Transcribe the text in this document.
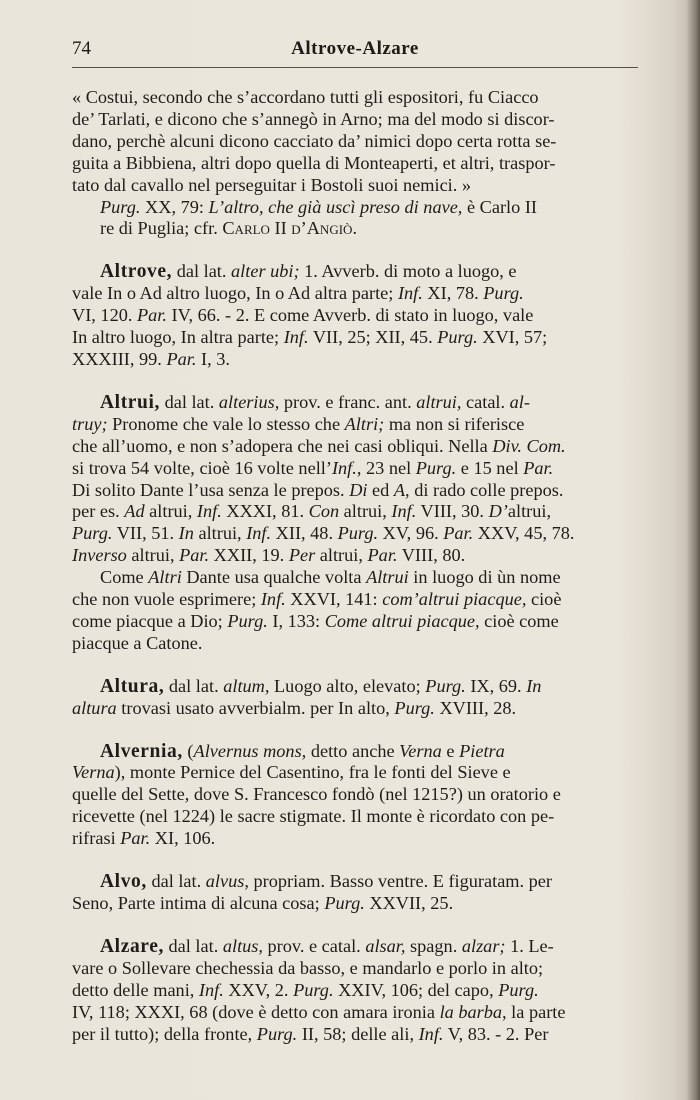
74	Altrove-Alzare
« Costui, secondo che s’accordano tutti gli espositori, fu Ciacco
de’ Tarlati, e dicono che s’annegò in Arno; ma del modo si discor-
dano, perchè alcuni dicono cacciato da’ nimici dopo certa rotta se-
guita a Bibbiena, altri dopo quella di Monteaperti, et altri, traspor-
tato dal cavallo nel perseguitar i Bostoli suoi nemici. »
Purg. XX, 79: L’altro, che già uscì preso di nave, è Carlo II
re di Puglia; cfr. Carlo II d’Angiò.
Altrove, dal lat. alter ubi; 1. Avverb. di moto a luogo, e
vale In o Ad altro luogo, In o Ad altra parte; Inf. XI, 78. Purg.
VI, 120. Par. IV, 66. - 2. E come Avverb. di stato in luogo, vale
In altro luogo, In altra parte; Inf. VII, 25; XII, 45. Purg. XVI, 57;
XXXIII, 99. Par. I, 3.
Altrui, dal lat. alterius, prov. e franc. ant. altrui, catal. al-
truy; Pronome che vale lo stesso che Altri; ma non si riferisce
che all’uomo, e non s’adopera che nei casi obliqui. Nella Div. Com.
si trova 54 volte, cioè 16 volte nell’Inf., 23 nel Purg. e 15 nel Par.
Di solito Dante l’usa senza le prepos. Di ed A, di rado colle prepos.
per es. Ad altrui, Inf. XXXI, 81. Con altrui, Inf. VIII, 30. D’altrui,
Purg. VII, 51. In altrui, Inf. XII, 48. Purg. XV, 96. Par. XXV, 45, 78.
Inverso altrui, Par. XXII, 19. Per altrui, Par. VIII, 80.
Come Altri Dante usa qualche volta Altrui in luogo di ùn nome
che non vuole esprimere; Inf. XXVI, 141: com’altrui piacque, cioè
come piacque a Dio; Purg. I, 133: Come altrui piacque, cioè come
piacque a Catone.
Altura, dal lat. altum, Luogo alto, elevato; Purg. IX, 69. In
altura trovasi usato avverbialm. per In alto, Purg. XVIII, 28.
Alvernia, (Alvernus mons, detto anche Verna e Pietra
Verna), monte Pernice del Casentino, fra le fonti del Sieve e
quelle del Sette, dove S. Francesco fondò (nel 1215?) un oratorio e
ricevette (nel 1224) le sacre stigmate. Il monte è ricordato con pe-
rifrasi Par. XI, 106.
Alvo, dal lat. alvus, propriam. Basso ventre. E figuratam. per
Seno, Parte intima di alcuna cosa; Purg. XXVII, 25.
Alzare, dal lat. altus, prov. e catal. alsar, spagn. alzar; 1. Le-
vare o Sollevare chechessia da basso, e mandarlo e porlo in alto;
detto delle mani, Inf. XXV, 2. Purg. XXIV, 106; del capo, Purg.
IV, 118; XXXI, 68 (dove è detto con amara ironia la barba, la parte
per il tutto); della fronte, Purg. II, 58; delle ali, Inf. V, 83. - 2. Per
